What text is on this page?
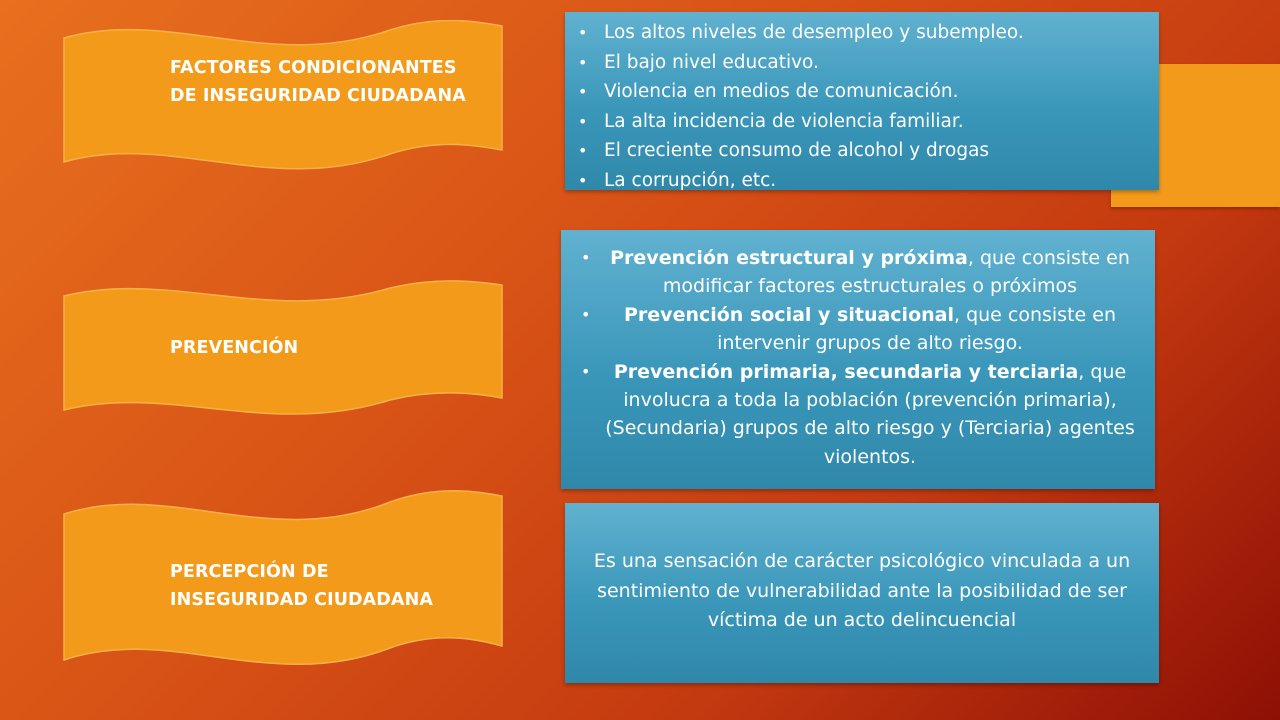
FACTORES CONDICIONANTES
DE INSEGURIDAD CIUDADANA
PREVENCIÓN
PERCEPCIÓN DE
INSEGURIDAD CIUDADANA
• Los altos niveles de desempleo y subempleo.
• El bajo nivel educativo.
• Violencia en medios de comunicación.
• La alta incidencia de violencia familiar.
• El creciente consumo de alcohol y drogas
• La corrupción, etc.
• Prevención estructural y próxima, que consiste en modificar factores estructurales o próximos
• Prevención social y situacional, que consiste en intervenir grupos de alto riesgo.
• Prevención primaria, secundaria y terciaria, que involucra a toda la población (prevención primaria), (Secundaria) grupos de alto riesgo y (Terciaria) agentes violentos.

Es una sensación de carácter psicológico vinculada a un sentimiento de vulnerabilidad ante la posibilidad de ser víctima de un acto delincuencial
